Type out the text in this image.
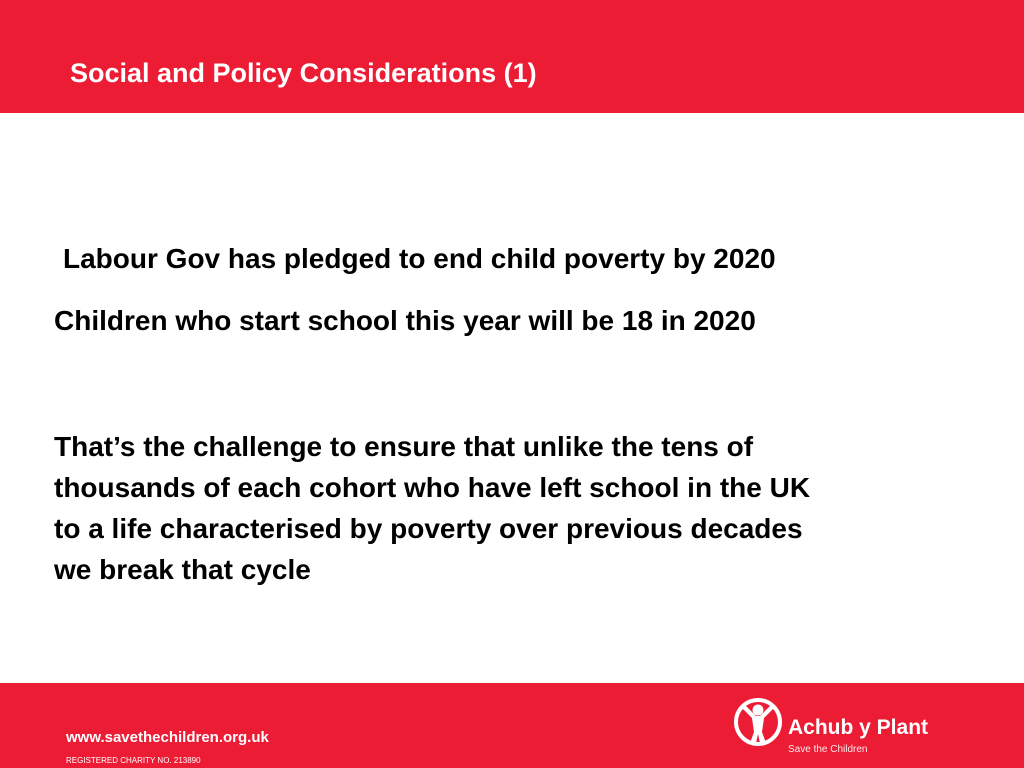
Social and Policy Considerations (1)
Labour Gov has pledged to end child poverty by 2020
Children who start school this year will be 18 in 2020
That’s the challenge to ensure that unlike the tens of
thousands of each cohort who have left school in the UK
to a life characterised by poverty over previous decades
we break that cycle
www.savethechildren.org.uk
REGISTERED CHARITY NO. 213890
Achub y Plant
Save the Children
